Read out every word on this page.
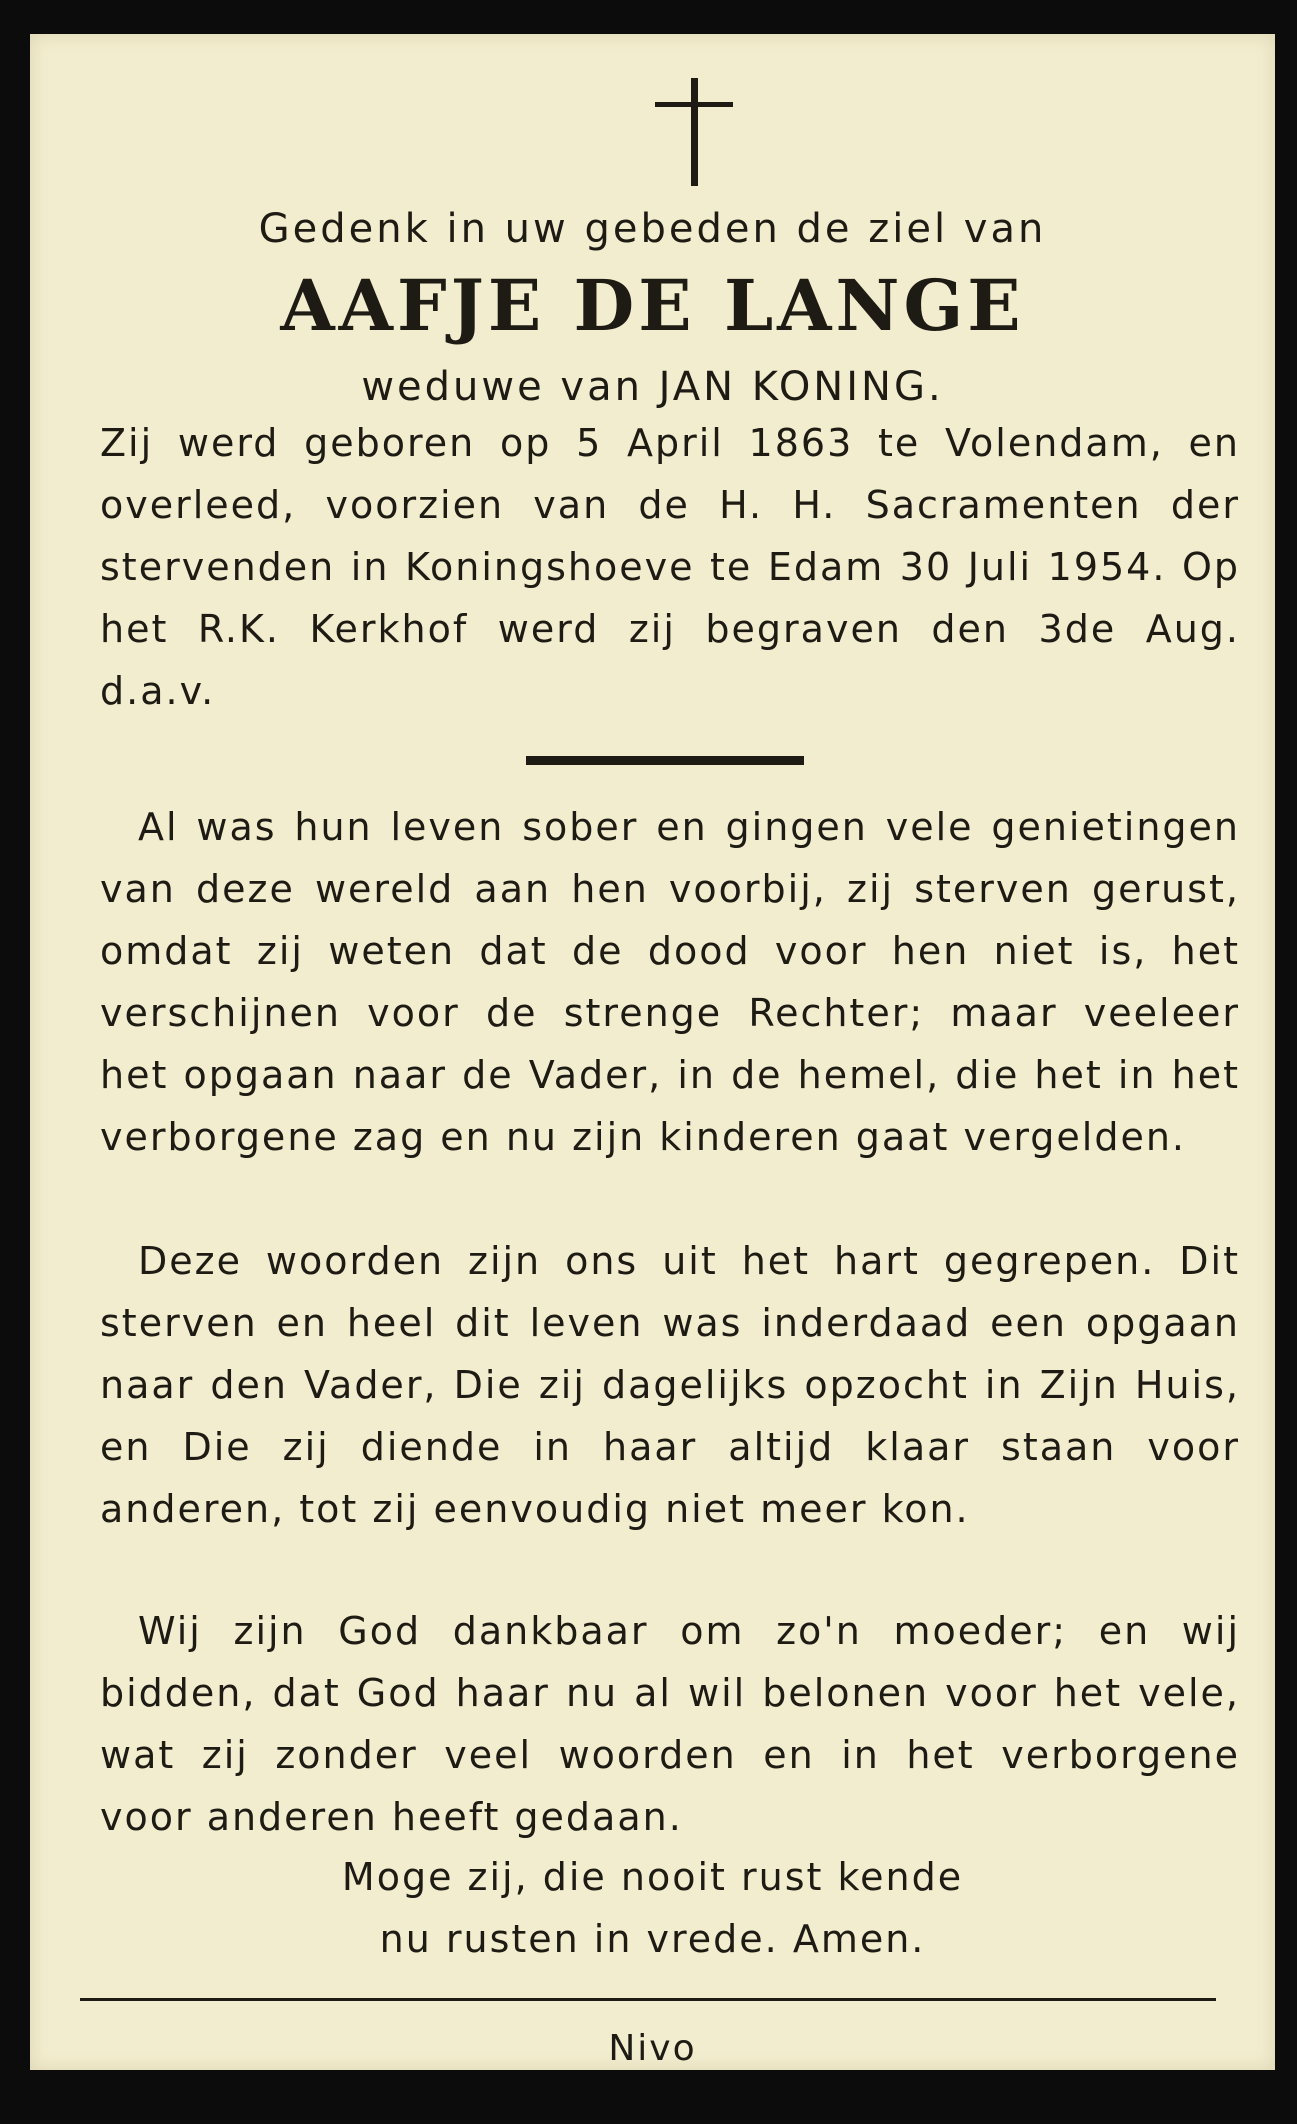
Gedenk in uw gebeden de ziel van
AAFJE DE LANGE
weduwe van JAN KONING.

Zij werd geboren op 5 April 1863 te Volendam, en overleed, voorzien van de H. H. Sacramenten der stervenden in Koningshoeve te Edam 30 Juli 1954. Op het R.K. Kerkhof werd zij begraven den 3de Aug. d.a.v.

Al was hun leven sober en gingen vele genietingen van deze wereld aan hen voorbij, zij sterven gerust, omdat zij weten dat de dood voor hen niet is, het verschijnen voor de strenge Rechter; maar veeleer het opgaan naar de Vader, in de hemel, die het in het verborgene zag en nu zijn kinderen gaat vergelden.

Deze woorden zijn ons uit het hart gegrepen. Dit sterven en heel dit leven was inderdaad een opgaan naar den Vader, Die zij dagelijks opzocht in Zijn Huis, en Die zij diende in haar altijd klaar staan voor anderen, tot zij eenvoudig niet meer kon.

Wij zijn God dankbaar om zo'n moeder; en wij bidden, dat God haar nu al wil belonen voor het vele, wat zij zonder veel woorden en in het verborgene voor anderen heeft gedaan.

Moge zij, die nooit rust kende
nu rusten in vrede. Amen.
Nivo
